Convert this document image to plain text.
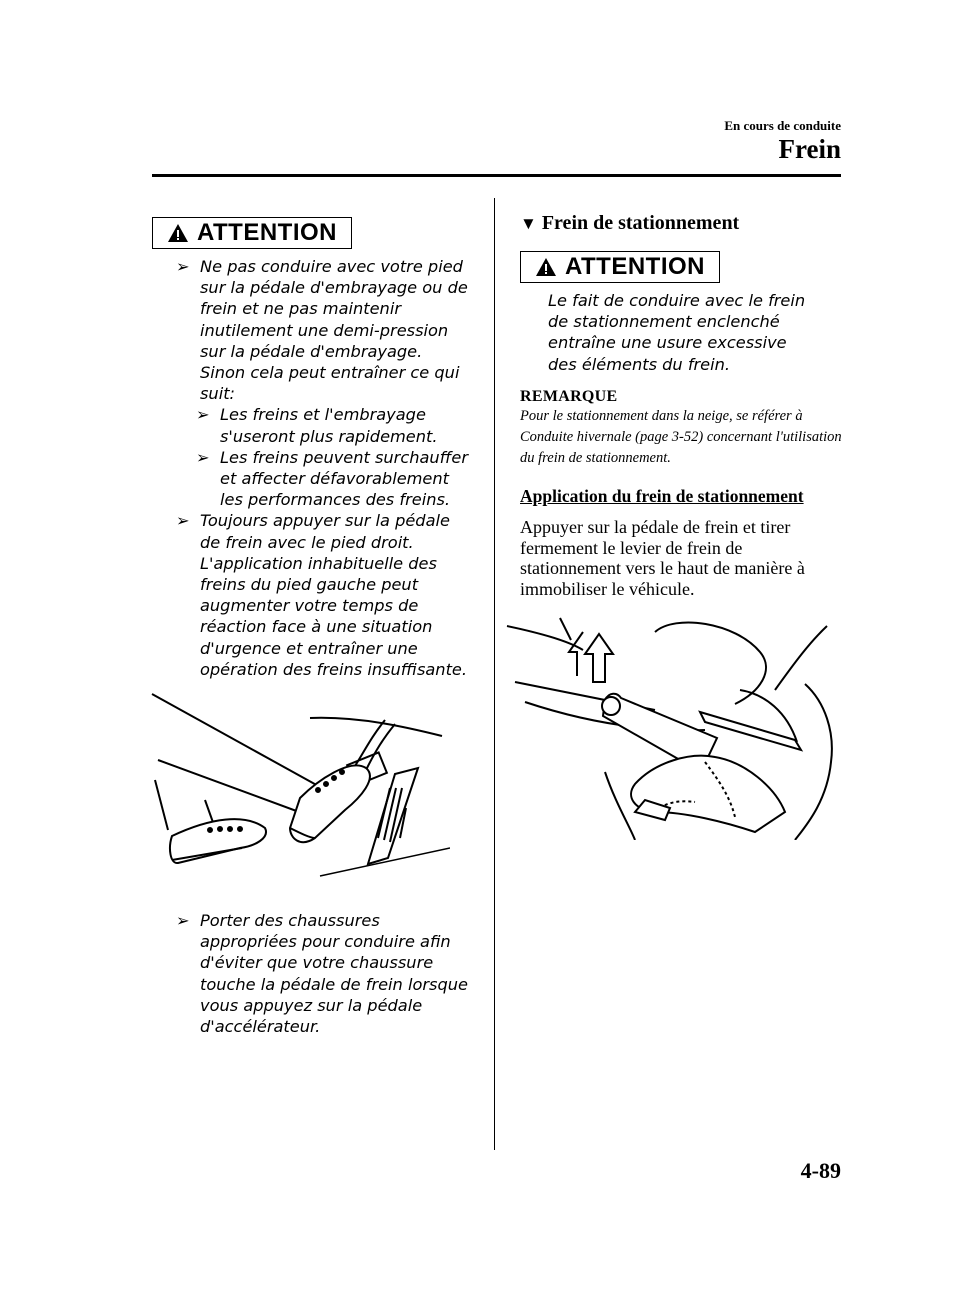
En cours de conduite
Frein
ATTENTION
➢ Ne pas conduire avec votre pied sur la pédale d'embrayage ou de frein et ne pas maintenir inutilement une demi-pression sur la pédale d'embrayage. Sinon cela peut entraîner ce qui suit:
➢ Les freins et l'embrayage s'useront plus rapidement.
➢ Les freins peuvent surchauffer et affecter défavorablement les performances des freins.
➢ Toujours appuyer sur la pédale de frein avec le pied droit. L'application inhabituelle des freins du pied gauche peut augmenter votre temps de réaction face à une situation d'urgence et entraîner une opération des freins insuffisante.
➢ Porter des chaussures appropriées pour conduire afin d'éviter que votre chaussure touche la pédale de frein lorsque vous appuyez sur la pédale d'accélérateur.
▼ Frein de stationnement
ATTENTION
Le fait de conduire avec le frein de stationnement enclenché entraîne une usure excessive des éléments du frein.
REMARQUE
Pour le stationnement dans la neige, se référer à Conduite hivernale (page 3-52) concernant l'utilisation du frein de stationnement.
Application du frein de stationnement
Appuyer sur la pédale de frein et tirer fermement le levier de frein de stationnement vers le haut de manière à immobiliser le véhicule.
4-89
